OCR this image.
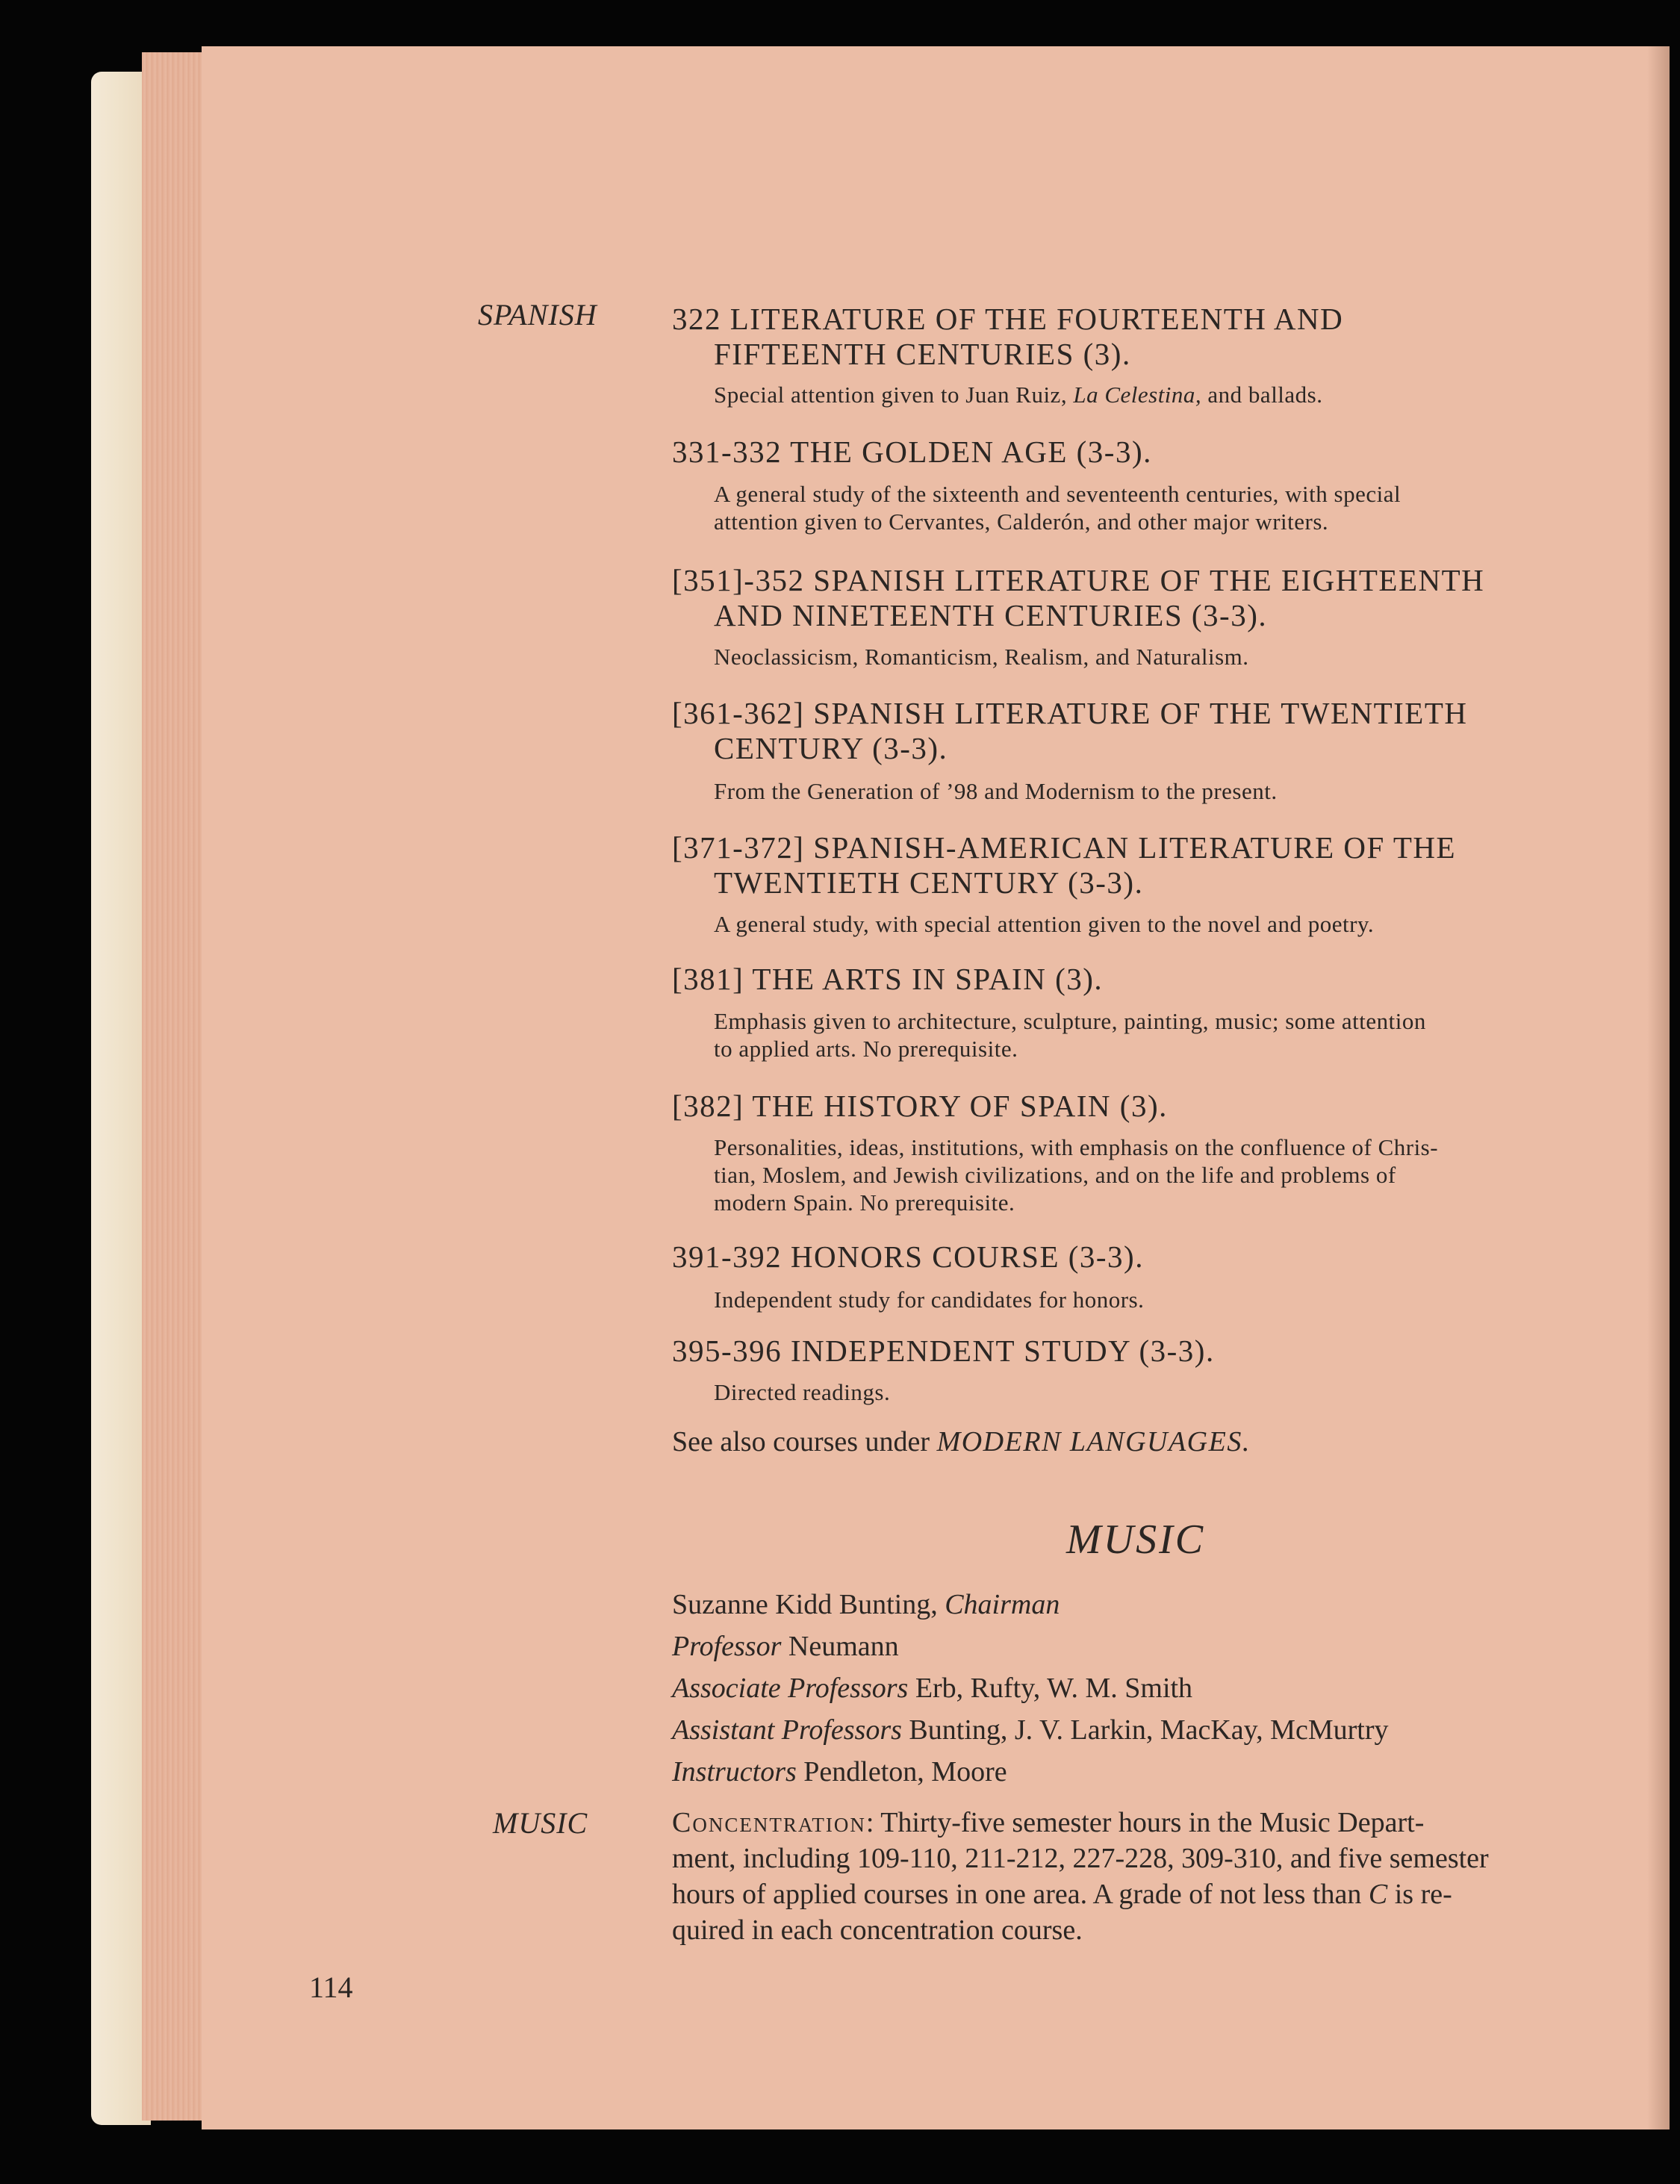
SPANISH 322 LITERATURE OF THE FOURTEENTH AND
FIFTEENTH CENTURIES (3).
Special attention given to Juan Ruiz, La Celestina, and ballads.
331-332 THE GOLDEN AGE (3-3).
A general study of the sixteenth and seventeenth centuries, with special
attention given to Cervantes, Calderón, and other major writers.
[351]-352 SPANISH LITERATURE OF THE EIGHTEENTH
AND NINETEENTH CENTURIES (3-3).
Neoclassicism, Romanticism, Realism, and Naturalism.
[361-362] SPANISH LITERATURE OF THE TWENTIETH
CENTURY (3-3).
From the Generation of ’98 and Modernism to the present.
[371-372] SPANISH-AMERICAN LITERATURE OF THE
TWENTIETH CENTURY (3-3).
A general study, with special attention given to the novel and poetry.
[381] THE ARTS IN SPAIN (3).
Emphasis given to architecture, sculpture, painting, music; some attention
to applied arts. No prerequisite.
[382] THE HISTORY OF SPAIN (3).
Personalities, ideas, institutions, with emphasis on the confluence of Chris-
tian, Moslem, and Jewish civilizations, and on the life and problems of
modern Spain. No prerequisite.
391-392 HONORS COURSE (3-3).
Independent study for candidates for honors.
395-396 INDEPENDENT STUDY (3-3).
Directed readings.
See also courses under MODERN LANGUAGES.
MUSIC
Suzanne Kidd Bunting, Chairman
Professor Neumann
Associate Professors Erb, Rufty, W. M. Smith
Assistant Professors Bunting, J. V. Larkin, MacKay, McMurtry
Instructors Pendleton, Moore
MUSIC	Concentration: Thirty-five semester hours in the Music Depart-
ment, including 109-110, 211-212, 227-228, 309-310, and five semester
hours of applied courses in one area. A grade of not less than C is re-
quired in each concentration course.
114
